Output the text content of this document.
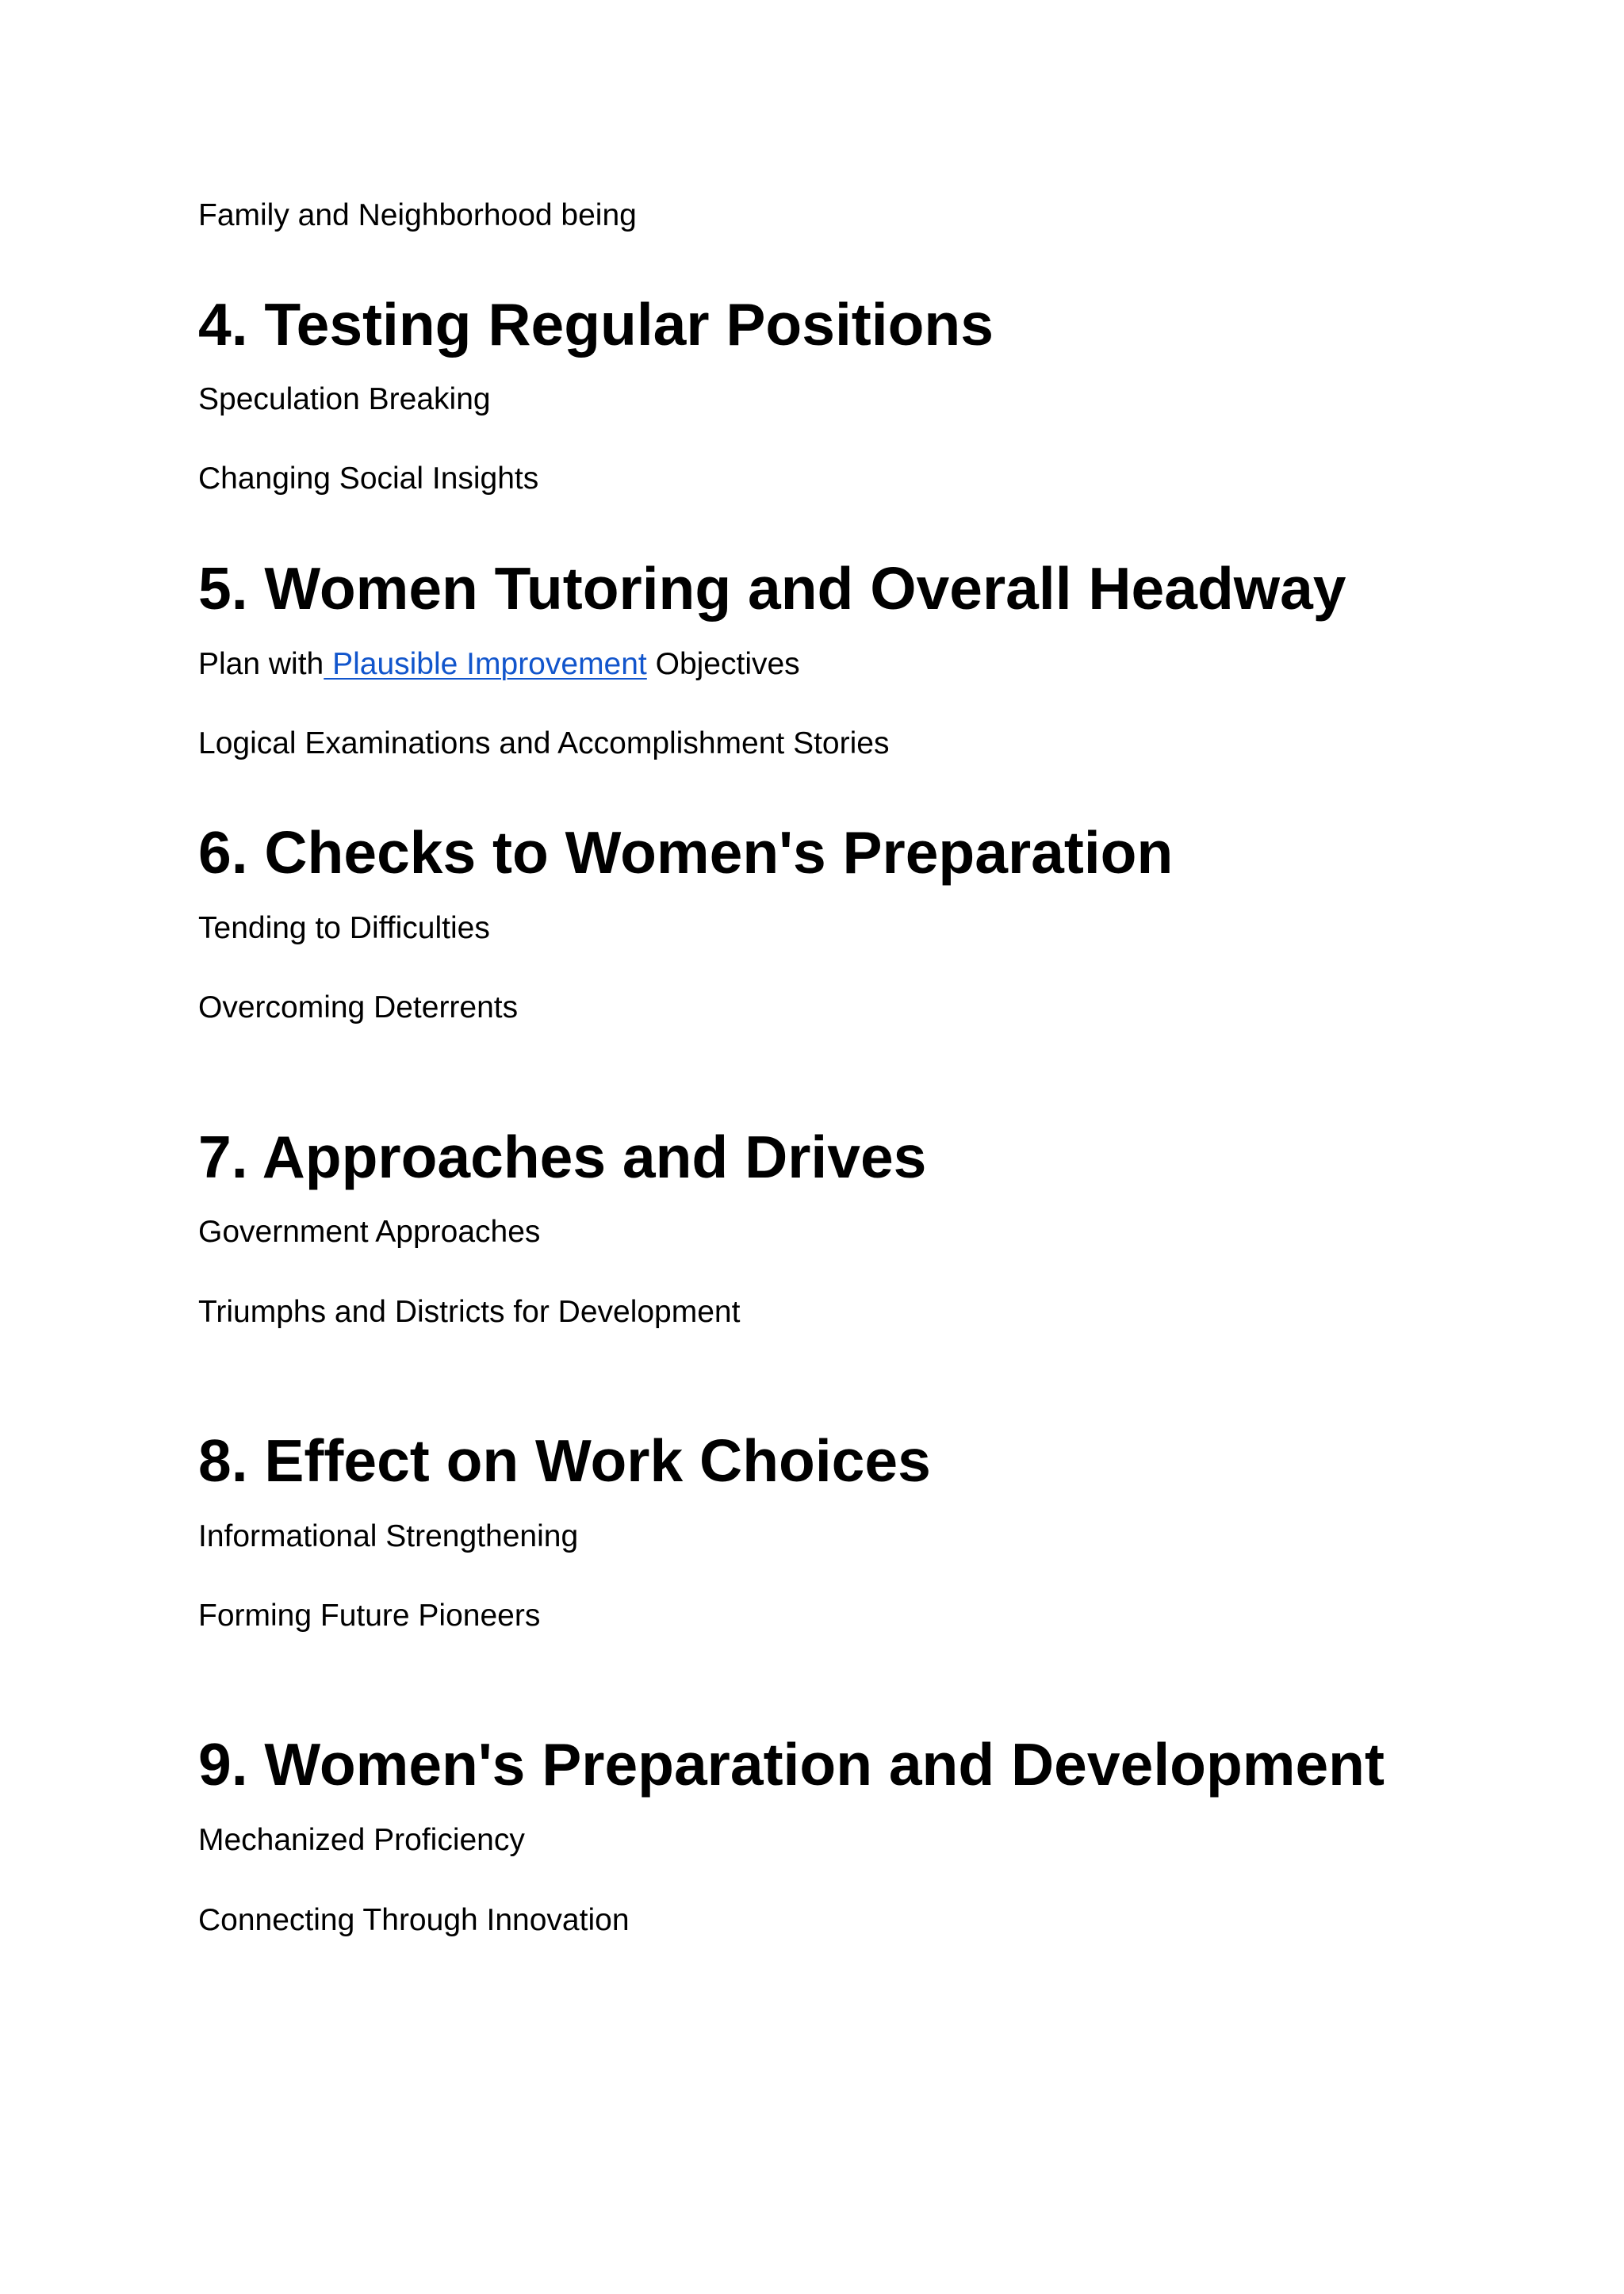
Family and Neighborhood being

4. Testing Regular Positions

Speculation Breaking

Changing Social Insights

5. Women Tutoring and Overall Headway

Plan with Plausible Improvement Objectives

Logical Examinations and Accomplishment Stories

6. Checks to Women's Preparation

Tending to Difficulties

Overcoming Deterrents

7. Approaches and Drives

Government Approaches

Triumphs and Districts for Development

8. Effect on Work Choices

Informational Strengthening

Forming Future Pioneers

9. Women's Preparation and Development

Mechanized Proficiency

Connecting Through Innovation
